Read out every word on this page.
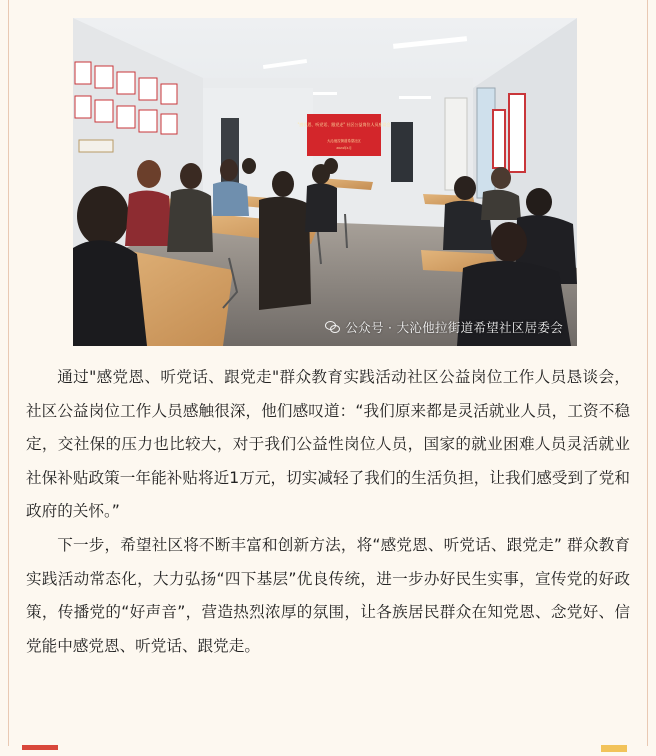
"感党恩、听党话、跟党走" 社区公益岗位人员座谈会
大沁他拉街道希望社区
2024年1月
公众号 · 大沁他拉街道希望社区居委会

通过"感党恩、听党话、跟党走"群众教育实践活动社区公益岗位工作人员恳谈会，社区公益岗位工作人员感触很深，他们感叹道：“我们原来都是灵活就业人员，工资不稳定，交社保的压力也比较大，对于我们公益性岗位人员，国家的就业困难人员灵活就业社保补贴政策一年能补贴将近1万元，切实减轻了我们的生活负担，让我们感受到了党和政府的关怀。”

下一步，希望社区将不断丰富和创新方法，将“感党恩、听党话、跟党走” 群众教育实践活动常态化，大力弘扬“四下基层”优良传统，进一步办好民生实事，宣传党的好政策，传播党的“好声音”，营造热烈浓厚的氛围，让各族居民群众在知党恩、念党好、信党能中感党恩、听党话、跟党走。
